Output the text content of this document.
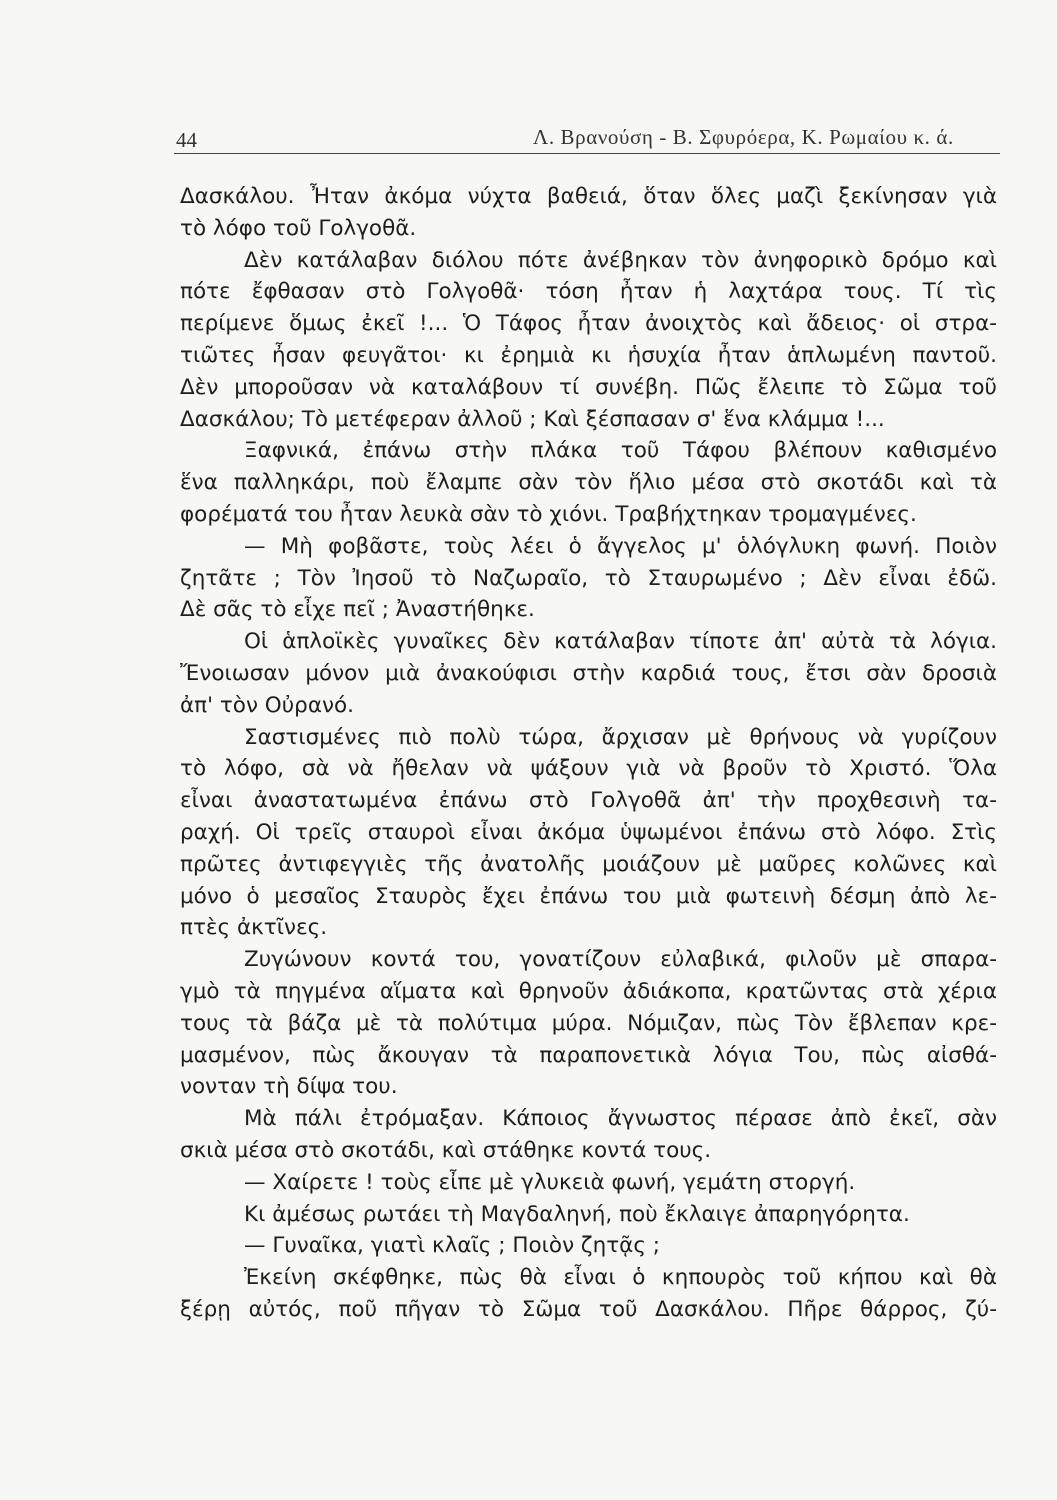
44	Λ. Βρανούση - Β. Σφυρόερα, Κ. Ρωμαίου κ. ά.
Δασκάλου. Ἦταν ἀκόμα νύχτα βαθειά, ὅταν ὅλες μαζὶ ξεκίνησαν γιὰ
τὸ λόφο τοῦ Γολγοθᾶ.
Δὲν κατάλαβαν διόλου πότε ἀνέβηκαν τὸν ἀνηφορικὸ δρόμο καὶ
πότε ἔφθασαν στὸ Γολγοθᾶ· τόση ἦταν ἡ λαχτάρα τους. Τί τὶς
περίμενε ὅμως ἐκεῖ !... Ὁ Τάφος ἦταν ἀνοιχτὸς καὶ ἄδειος· οἱ στρα-
τιῶτες ἦσαν φευγᾶτοι· κι ἐρημιὰ κι ἡσυχία ἦταν ἁπλωμένη παντοῦ.
Δὲν μποροῦσαν νὰ καταλάβουν τί συνέβη. Πῶς ἔλειπε τὸ Σῶμα τοῦ
Δασκάλου; Τὸ μετέφεραν ἀλλοῦ ; Καὶ ξέσπασαν σ' ἕνα κλάμμα !...
Ξαφνικά, ἐπάνω στὴν πλάκα τοῦ Τάφου βλέπουν καθισμένο
ἕνα παλληκάρι, ποὺ ἔλαμπε σὰν τὸν ἥλιο μέσα στὸ σκοτάδι καὶ τὰ
φορέματά του ἦταν λευκὰ σὰν τὸ χιόνι. Τραβήχτηκαν τρομαγμένες.
— Μὴ φοβᾶστε, τοὺς λέει ὁ ἄγγελος μ' ὁλόγλυκη φωνή. Ποιὸν
ζητᾶτε ; Τὸν Ἰησοῦ τὸ Ναζωραῖο, τὸ Σταυρωμένο ; Δὲν εἶναι ἐδῶ.
Δὲ σᾶς τὸ εἶχε πεῖ ; Ἀναστήθηκε.
Οἱ ἁπλοϊκὲς γυναῖκες δὲν κατάλαβαν τίποτε ἀπ' αὐτὰ τὰ λόγια.
Ἔνοιωσαν μόνον μιὰ ἀνακούφισι στὴν καρδιά τους, ἔτσι σὰν δροσιὰ
ἀπ' τὸν Οὐρανό.
Σαστισμένες πιὸ πολὺ τώρα, ἄρχισαν μὲ θρήνους νὰ γυρίζουν
τὸ λόφο, σὰ νὰ ἤθελαν νὰ ψάξουν γιὰ νὰ βροῦν τὸ Χριστό. Ὅλα
εἶναι ἀναστατωμένα ἐπάνω στὸ Γολγοθᾶ ἀπ' τὴν προχθεσινὴ τα-
ραχή. Οἱ τρεῖς σταυροὶ εἶναι ἀκόμα ὑψωμένοι ἐπάνω στὸ λόφο. Στὶς
πρῶτες ἀντιφεγγιὲς τῆς ἀνατολῆς μοιάζουν μὲ μαῦρες κολῶνες καὶ
μόνο ὁ μεσαῖος Σταυρὸς ἔχει ἐπάνω του μιὰ φωτεινὴ δέσμη ἀπὸ λε-
πτὲς ἀκτῖνες.
Ζυγώνουν κοντά του, γονατίζουν εὐλαβικά, φιλοῦν μὲ σπαρα-
γμὸ τὰ πηγμένα αἵματα καὶ θρηνοῦν ἀδιάκοπα, κρατῶντας στὰ χέρια
τους τὰ βάζα μὲ τὰ πολύτιμα μύρα. Νόμιζαν, πὼς Τὸν ἔβλεπαν κρε-
μασμένον, πὼς ἄκουγαν τὰ παραπονετικὰ λόγια Του, πὼς αἰσθά-
νονταν τὴ δίψα του.
Μὰ πάλι ἐτρόμαξαν. Κάποιος ἄγνωστος πέρασε ἀπὸ ἐκεῖ, σὰν
σκιὰ μέσα στὸ σκοτάδι, καὶ στάθηκε κοντά τους.
— Χαίρετε ! τοὺς εἶπε μὲ γλυκειὰ φωνή, γεμάτη στοργή.
Κι ἀμέσως ρωτάει τὴ Μαγδαληνή, ποὺ ἔκλαιγε ἀπαρηγόρητα.
— Γυναῖκα, γιατὶ κλαῖς ; Ποιὸν ζητᾷς ;
Ἐκείνη σκέφθηκε, πὼς θὰ εἶναι ὁ κηπουρὸς τοῦ κήπου καὶ θὰ
ξέρῃ αὐτός, ποῦ πῆγαν τὸ Σῶμα τοῦ Δασκάλου. Πῆρε θάρρος, ζύ-
